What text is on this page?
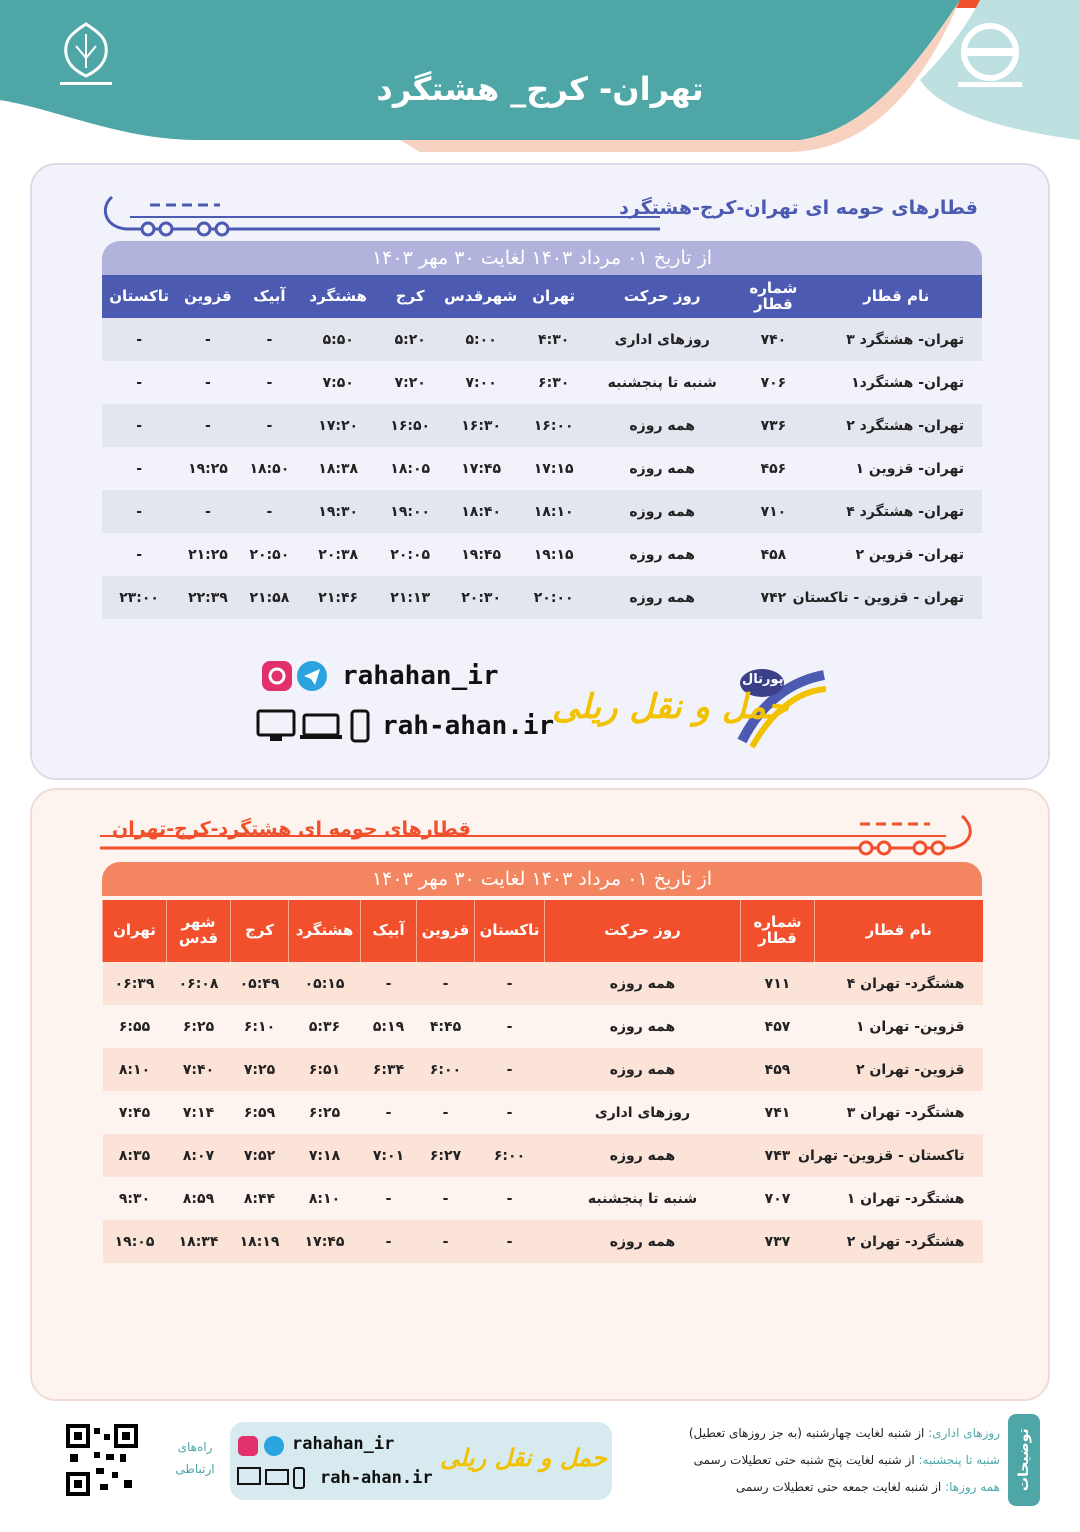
تهران- کرج_ هشتگرد
قطارهای حومه ای تهران-کرج-هشتگرد
از تاریخ ۰۱ مرداد ۱۴۰۳ لغایت ۳۰ مهر ۱۴۰۳
نام قطار	شماره قطار	روز حرکت	تهران	شهرقدس	کرج	هشتگرد	آبیک	قزوین	تاکستان
تهران- هشتگرد ۳	۷۴۰	روزهای اداری	۴:۳۰	۵:۰۰	۵:۲۰	۵:۵۰	-	-	-
تهران- هشتگرد۱	۷۰۶	شنبه تا پنجشنبه	۶:۳۰	۷:۰۰	۷:۲۰	۷:۵۰	-	-	-
تهران- هشتگرد ۲	۷۳۶	همه روزه	۱۶:۰۰	۱۶:۳۰	۱۶:۵۰	۱۷:۲۰	-	-	-
تهران- قزوین ۱	۴۵۶	همه روزه	۱۷:۱۵	۱۷:۴۵	۱۸:۰۵	۱۸:۳۸	۱۸:۵۰	۱۹:۲۵	-
تهران- هشتگرد ۴	۷۱۰	همه روزه	۱۸:۱۰	۱۸:۴۰	۱۹:۰۰	۱۹:۳۰	-	-	-
تهران- قزوین ۲	۴۵۸	همه روزه	۱۹:۱۵	۱۹:۴۵	۲۰:۰۵	۲۰:۳۸	۲۰:۵۰	۲۱:۲۵	-
تهران - قزوین - تاکستان	۷۴۲	همه روزه	۲۰:۰۰	۲۰:۳۰	۲۱:۱۳	۲۱:۴۶	۲۱:۵۸	۲۲:۳۹	۲۳:۰۰
rahahan_ir
rah-ahan.ir
پورتال
حمل و نقل ریلی
قطارهای حومه ای هشتگرد-کرج-تهران
از تاریخ ۰۱ مرداد ۱۴۰۳ لغایت ۳۰ مهر ۱۴۰۳
نام قطار	شماره قطار	روز حرکت	تاکستان	قزوین	آبیک	هشتگرد	کرج	شهر قدس	تهران
هشتگرد- تهران ۴	۷۱۱	همه روزه	-	-	-	۰۵:۱۵	۰۵:۴۹	۰۶:۰۸	۰۶:۳۹
قزوین- تهران ۱	۴۵۷	همه روزه	-	۴:۴۵	۵:۱۹	۵:۳۶	۶:۱۰	۶:۲۵	۶:۵۵
قزوین- تهران ۲	۴۵۹	همه روزه	-	۶:۰۰	۶:۳۴	۶:۵۱	۷:۲۵	۷:۴۰	۸:۱۰
هشتگرد- تهران ۳	۷۴۱	روزهای اداری	-	-	-	۶:۲۵	۶:۵۹	۷:۱۴	۷:۴۵
تاکستان - قزوین- تهران	۷۴۳	همه روزه	۶:۰۰	۶:۲۷	۷:۰۱	۷:۱۸	۷:۵۲	۸:۰۷	۸:۳۵
هشتگرد- تهران ۱	۷۰۷	شنبه تا پنجشنبه	-	-	-	۸:۱۰	۸:۴۴	۸:۵۹	۹:۳۰
هشتگرد- تهران ۲	۷۳۷	همه روزه	-	-	-	۱۷:۴۵	۱۸:۱۹	۱۸:۳۴	۱۹:۰۵
توضیحات
روزهای اداری: از شنبه لغایت چهارشنبه (به جز روزهای تعطیل)
شنبه تا پنجشنبه: از شنبه لغایت پنج شنبه حتی تعطیلات رسمی
همه روزها: از شنبه لغایت جمعه حتی تعطیلات رسمی
rahahan_ir
rah-ahan.ir
حمل و نقل ریلی
راه‌های
ارتباطی
